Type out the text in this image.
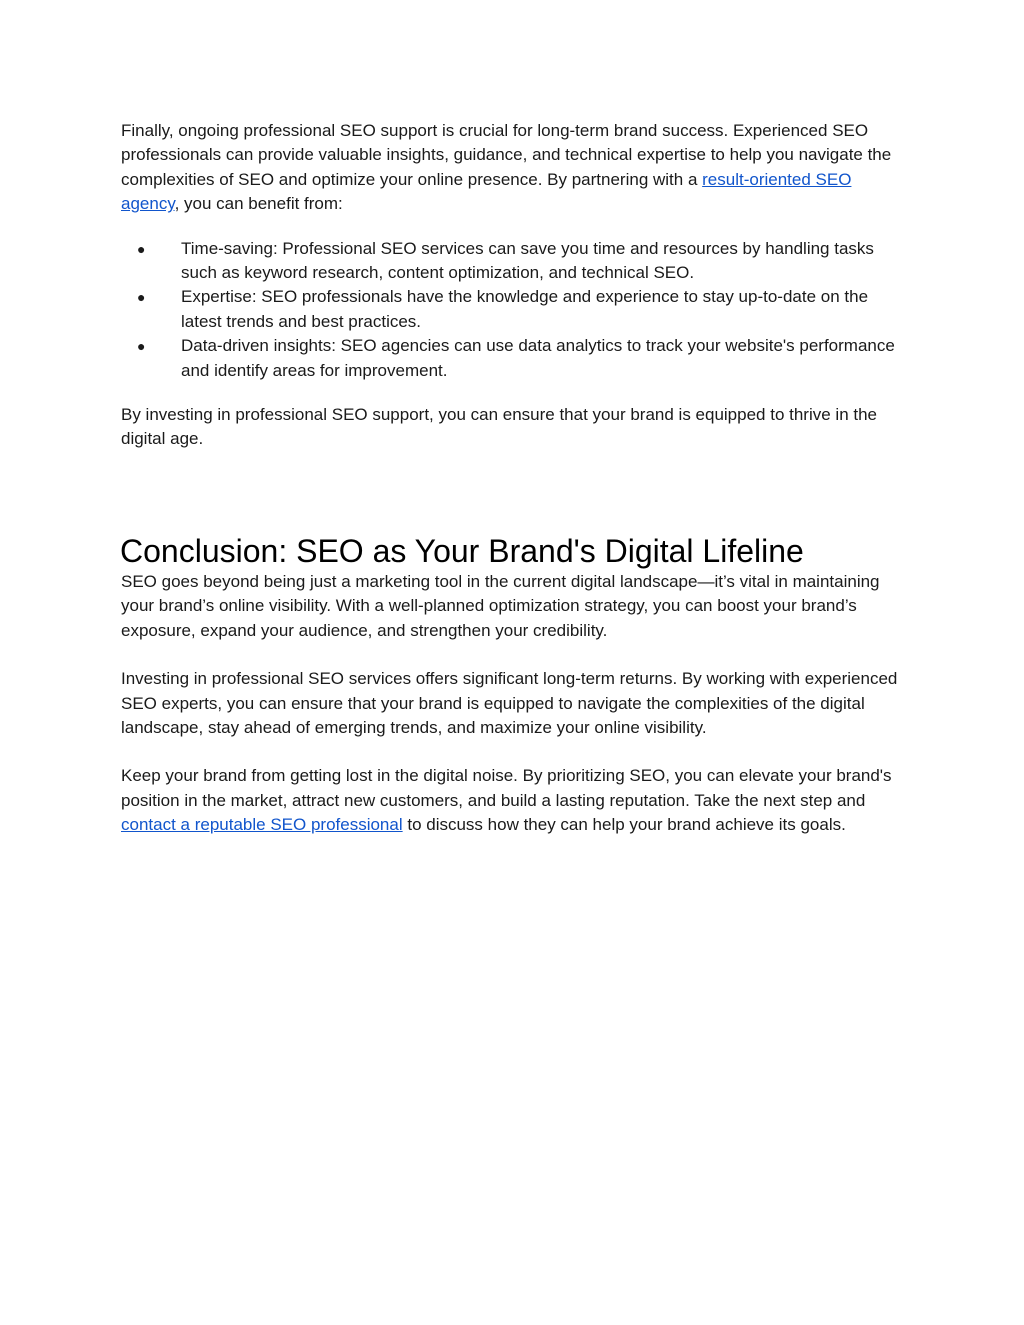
Finally, ongoing professional SEO support is crucial for long-term brand success. Experienced SEO professionals can provide valuable insights, guidance, and technical expertise to help you navigate the complexities of SEO and optimize your online presence. By partnering with a result-oriented SEO agency, you can benefit from:

● Time-saving: Professional SEO services can save you time and resources by handling tasks such as keyword research, content optimization, and technical SEO.
● Expertise: SEO professionals have the knowledge and experience to stay up-to-date on the latest trends and best practices.
● Data-driven insights: SEO agencies can use data analytics to track your website's performance and identify areas for improvement.

By investing in professional SEO support, you can ensure that your brand is equipped to thrive in the digital age.

Conclusion: SEO as Your Brand's Digital Lifeline

SEO goes beyond being just a marketing tool in the current digital landscape—it’s vital in maintaining your brand’s online visibility. With a well-planned optimization strategy, you can boost your brand’s exposure, expand your audience, and strengthen your credibility.

Investing in professional SEO services offers significant long-term returns. By working with experienced SEO experts, you can ensure that your brand is equipped to navigate the complexities of the digital landscape, stay ahead of emerging trends, and maximize your online visibility.

Keep your brand from getting lost in the digital noise. By prioritizing SEO, you can elevate your brand's position in the market, attract new customers, and build a lasting reputation. Take the next step and contact a reputable SEO professional to discuss how they can help your brand achieve its goals.
